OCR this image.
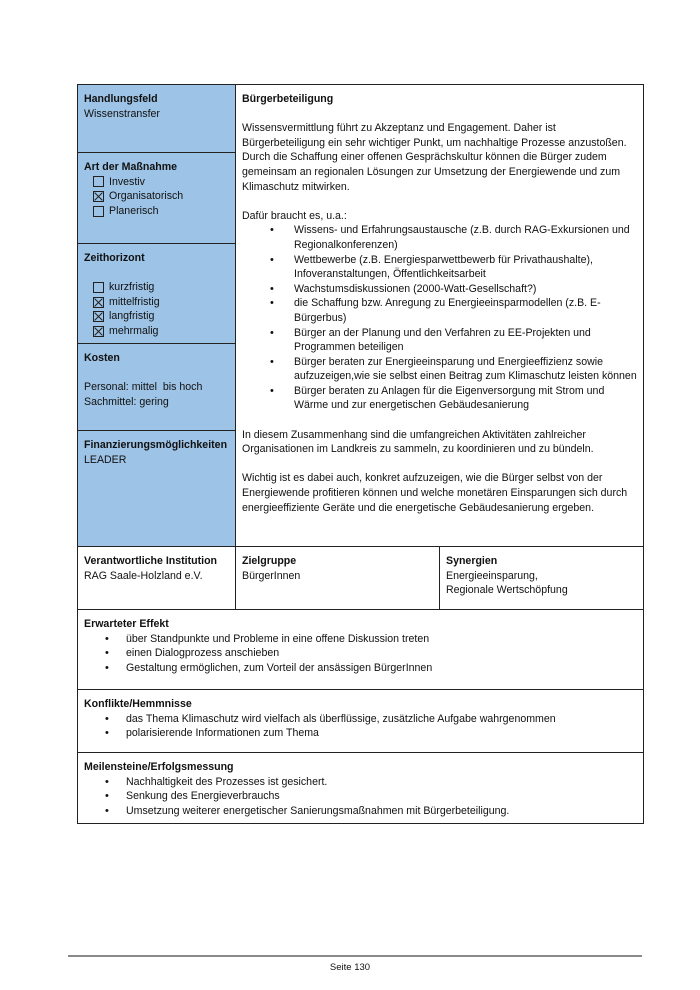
Handlungsfeld
Wissenstransfer
Art der Maßnahme
Investiv
Organisatorisch
Planerisch
Zeithorizont
kurzfristig
mittelfristig
langfristig
mehrmalig
Kosten
Personal: mittel  bis hoch
Sachmittel: gering
Finanzierungsmöglichkeiten
LEADER
Bürgerbeteiligung

Wissensvermittlung führt zu Akzeptanz und Engagement. Daher ist Bürgerbeteiligung ein sehr wichtiger Punkt, um nachhaltige Prozesse anzustoßen. Durch die Schaffung einer offenen Gesprächskultur können die Bürger zudem gemeinsam an regionalen Lösungen zur Umsetzung der Energiewende und zum Klimaschutz mitwirken.

Dafür braucht es, u.a.:

• Wissens- und Erfahrungsaustausche (z.B. durch RAG-Exkursionen und Regionalkonferenzen)
• Wettbewerbe (z.B. Energiesparwettbewerb für Privathaushalte), Infoveranstaltungen, Öffentlichkeitsarbeit
• Wachstumsdiskussionen (2000-Watt-Gesellschaft?)
• die Schaffung bzw. Anregung zu Energieeinsparmodellen (z.B. E-Bürgerbus)
• Bürger an der Planung und den Verfahren zu EE-Projekten und Programmen beteiligen
• Bürger beraten zur Energieeinsparung und Energieeffizienz sowie aufzuzeigen,wie sie selbst einen Beitrag zum Klimaschutz leisten können
• Bürger beraten zu Anlagen für die Eigenversorgung mit Strom und Wärme und zur energetischen Gebäudesanierung

In diesem Zusammenhang sind die umfangreichen Aktivitäten zahlreicher Organisationen im Landkreis zu sammeln, zu koordinieren und zu bündeln.

Wichtig ist es dabei auch, konkret aufzuzeigen, wie die Bürger selbst von der Energiewende profitieren können und welche monetären Einsparungen sich durch energieeffiziente Geräte und die energetische Gebäudesanierung ergeben.

Verantwortliche Institution
RAG Saale-Holzland e.V.
Zielgruppe
BürgerInnen
Synergien
Energieeinsparung,
Regionale Wertschöpfung
Erwarteter Effekt
• über Standpunkte und Probleme in eine offene Diskussion treten
• einen Dialogprozess anschieben
• Gestaltung ermöglichen, zum Vorteil der ansässigen BürgerInnen
Konflikte/Hemmnisse
• das Thema Klimaschutz wird vielfach als überflüssige, zusätzliche Aufgabe wahrgenommen
• polarisierende Informationen zum Thema
Meilensteine/Erfolgsmessung
• Nachhaltigkeit des Prozesses ist gesichert.
• Senkung des Energieverbrauchs
• Umsetzung weiterer energetischer Sanierungsmaßnahmen mit Bürgerbeteiligung.
Seite 130
